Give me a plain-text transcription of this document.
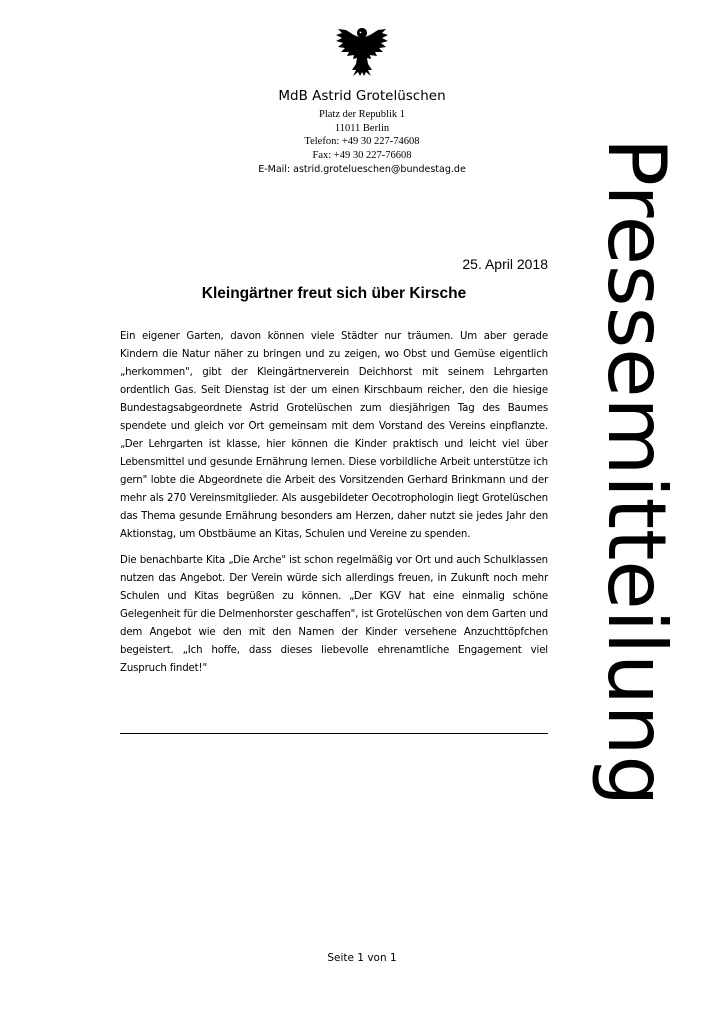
MdB Astrid Grotelüschen
Platz der Republik 1
11011 Berlin
Telefon: +49 30 227-74608
Fax: +49 30 227-76608
E-Mail: astrid.grotelueschen@bundestag.de	Pressemitteilung
25. April 2018
Kleingärtner freut sich über Kirsche

Ein eigener Garten, davon können viele Städter nur träumen. Um aber gerade Kindern die Natur näher zu bringen und zu zeigen, wo Obst und Gemüse eigentlich „herkommen", gibt der Kleingärtnerverein Deichhorst mit seinem Lehrgarten ordentlich Gas. Seit Dienstag ist der um einen Kirschbaum reicher, den die hiesige Bundestagsabgeordnete Astrid Grotelüschen zum diesjährigen Tag des Baumes spendete und gleich vor Ort gemeinsam mit dem Vorstand des Vereins einpflanzte. „Der Lehrgarten ist klasse, hier können die Kinder praktisch und leicht viel über Lebensmittel und gesunde Ernährung lernen. Diese vorbildliche Arbeit unterstütze ich gern" lobte die Abgeordnete die Arbeit des Vorsitzenden Gerhard Brinkmann und der mehr als 270 Vereinsmitglieder. Als ausgebildeter Oecotrophologin liegt Grotelüschen das Thema gesunde Ernährung besonders am Herzen, daher nutzt sie jedes Jahr den Aktionstag, um Obstbäume an Kitas, Schulen und Vereine zu spenden.

Die benachbarte Kita „Die Arche" ist schon regelmäßig vor Ort und auch Schulklassen nutzen das Angebot. Der Verein würde sich allerdings freuen, in Zukunft noch mehr Schulen und Kitas begrüßen zu können. „Der KGV hat eine einmalig schöne Gelegenheit für die Delmenhorster geschaffen", ist Grotelüschen von dem Garten und dem Angebot wie den mit den Namen der Kinder versehene Anzuchttöpfchen begeistert. „Ich hoffe, dass dieses liebevolle ehrenamtliche Engagement viel Zuspruch findet!"

Seite 1 von 1
